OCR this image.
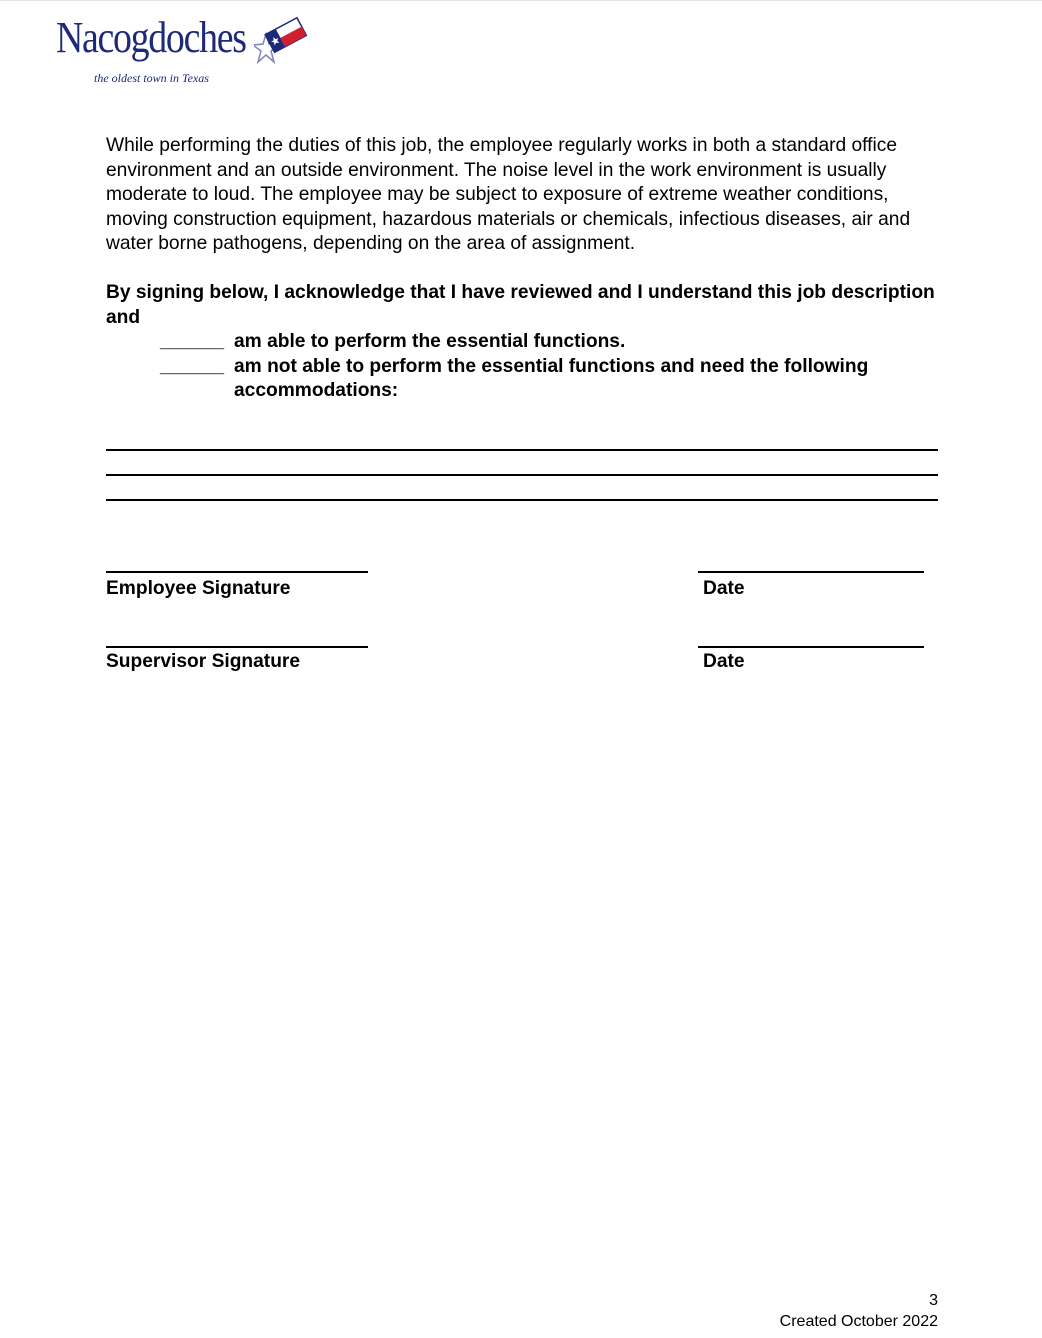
Nacogdoches
the oldest town in Texas

While performing the duties of this job, the employee regularly works in both a standard office environment and an outside environment. The noise level in the work environment is usually moderate to loud. The employee may be subject to exposure of extreme weather conditions, moving construction equipment, hazardous materials or chemicals, infectious diseases, air and water borne pathogens, depending on the area of assignment.

By signing below, I acknowledge that I have reviewed and I understand this job description and

______ am able to perform the essential functions.
______ am not able to perform the essential functions and need the following accommodations:
Employee Signature	Date
Supervisor Signature	Date
3
Created October 2022
